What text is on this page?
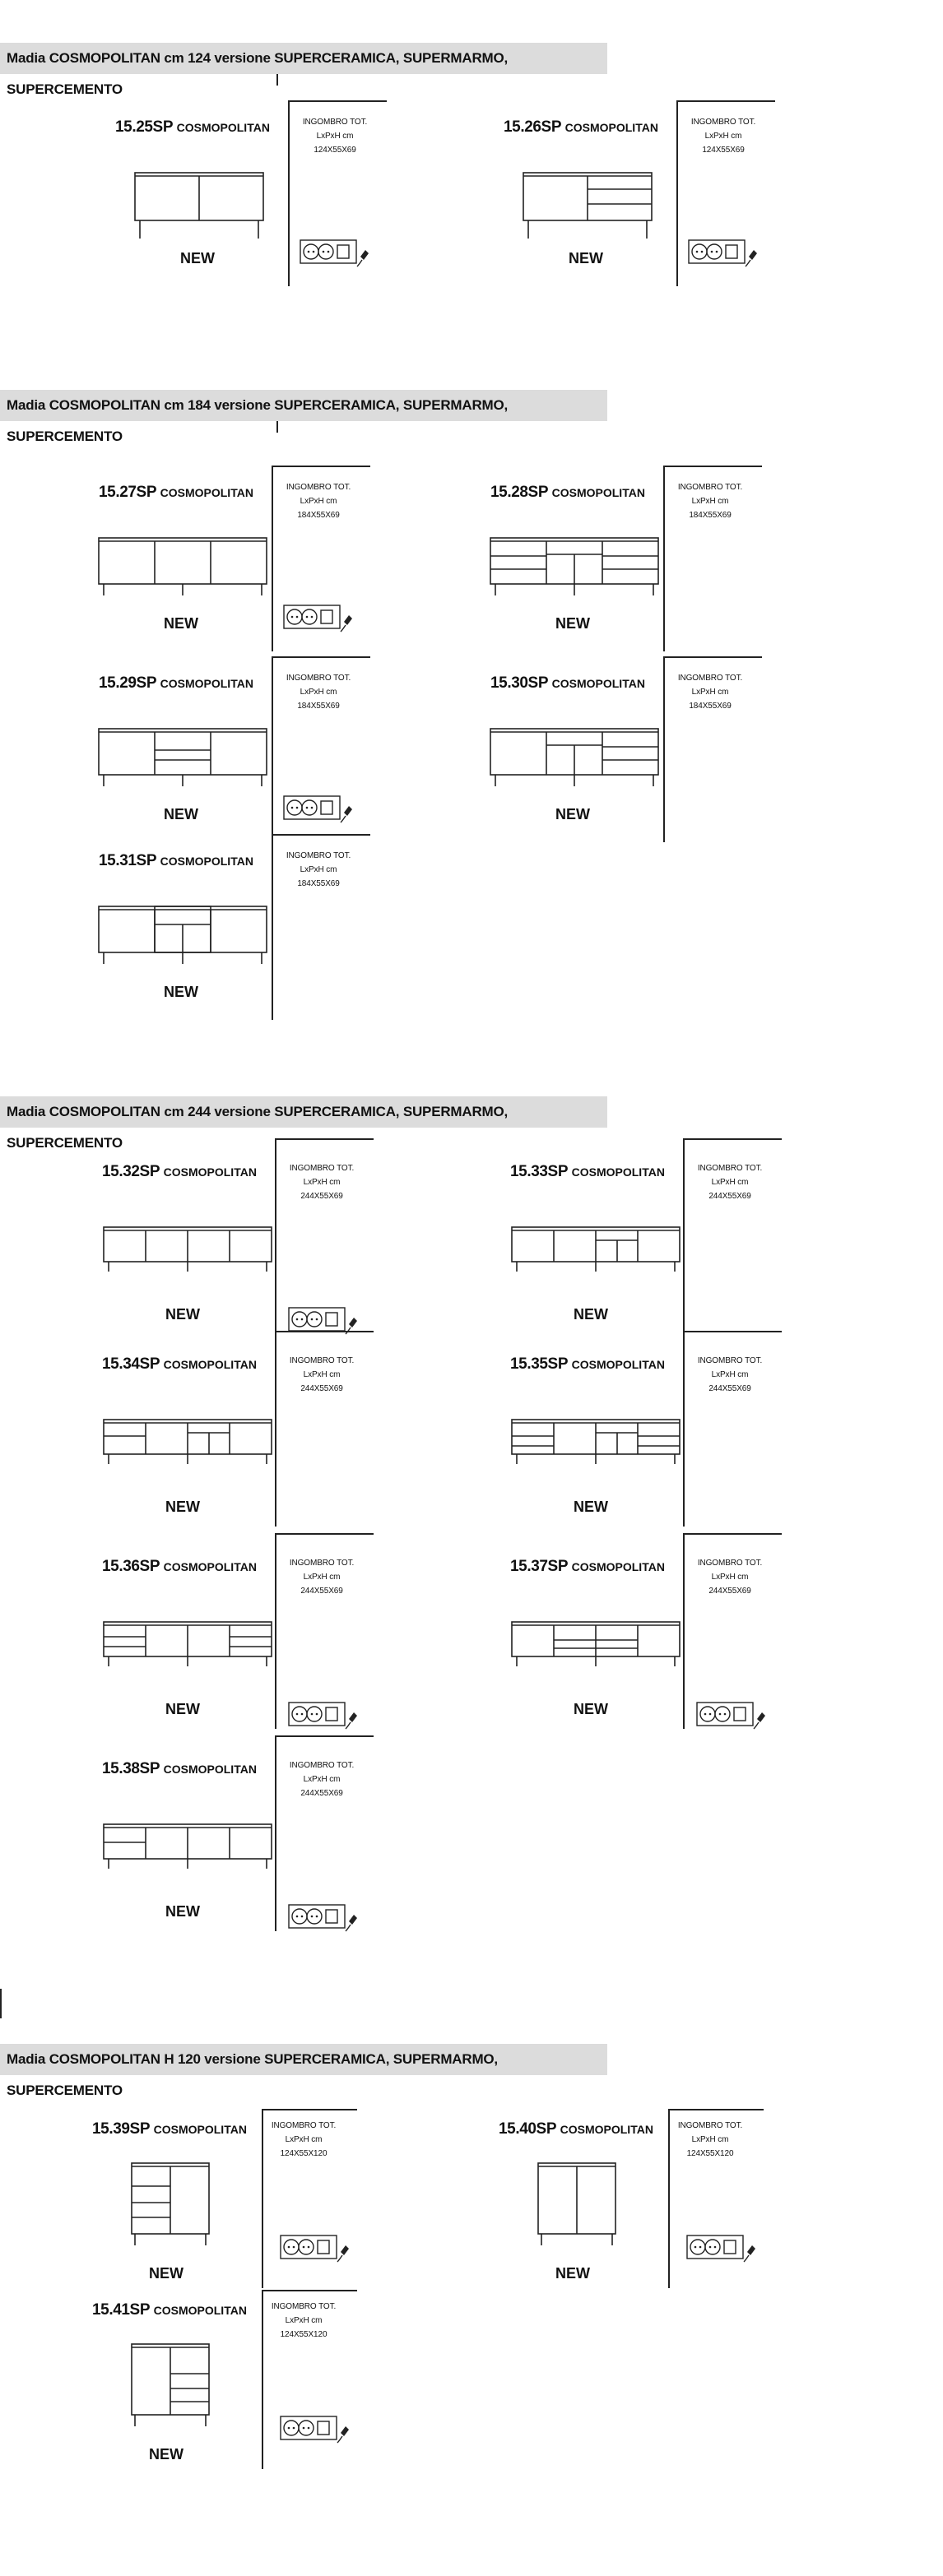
Madia COSMOPOLITAN cm 124 versione SUPERCERAMICA, SUPERMARMO, SUPERCEMENTO
Madia COSMOPOLITAN cm 184 versione SUPERCERAMICA, SUPERMARMO, SUPERCEMENTO
Madia COSMOPOLITAN cm 244 versione SUPERCERAMICA, SUPERMARMO, SUPERCEMENTO
Madia COSMOPOLITAN H 120 versione SUPERCERAMICA, SUPERMARMO, SUPERCEMENTO
15.25SP COSMOPOLITAN	INGOMBRO TOT.
LxPxH cm
124X55X69
NEW
15.26SP COSMOPOLITAN	INGOMBRO TOT.
LxPxH cm
124X55X69
NEW
15.27SP COSMOPOLITAN	INGOMBRO TOT.
LxPxH cm
184X55X69
NEW
15.28SP COSMOPOLITAN	INGOMBRO TOT.
LxPxH cm
184X55X69
NEW
15.29SP COSMOPOLITAN	INGOMBRO TOT.
LxPxH cm
184X55X69
NEW
15.30SP COSMOPOLITAN	INGOMBRO TOT.
LxPxH cm
184X55X69
NEW
15.31SP COSMOPOLITAN	INGOMBRO TOT.
LxPxH cm
184X55X69
NEW
15.32SP COSMOPOLITAN	INGOMBRO TOT.
LxPxH cm
244X55X69
NEW
15.33SP COSMOPOLITAN	INGOMBRO TOT.
LxPxH cm
244X55X69
NEW
15.34SP COSMOPOLITAN	INGOMBRO TOT.
LxPxH cm
244X55X69
NEW
15.35SP COSMOPOLITAN	INGOMBRO TOT.
LxPxH cm
244X55X69
NEW
15.36SP COSMOPOLITAN	INGOMBRO TOT.
LxPxH cm
244X55X69
NEW
15.37SP COSMOPOLITAN	INGOMBRO TOT.
LxPxH cm
244X55X69
NEW
15.38SP COSMOPOLITAN	INGOMBRO TOT.
LxPxH cm
244X55X69
NEW
15.39SP COSMOPOLITAN	INGOMBRO TOT.
LxPxH cm
124X55X120
NEW
15.40SP COSMOPOLITAN	INGOMBRO TOT.
LxPxH cm
124X55X120
NEW
15.41SP COSMOPOLITAN	INGOMBRO TOT.
LxPxH cm
124X55X120
NEW
